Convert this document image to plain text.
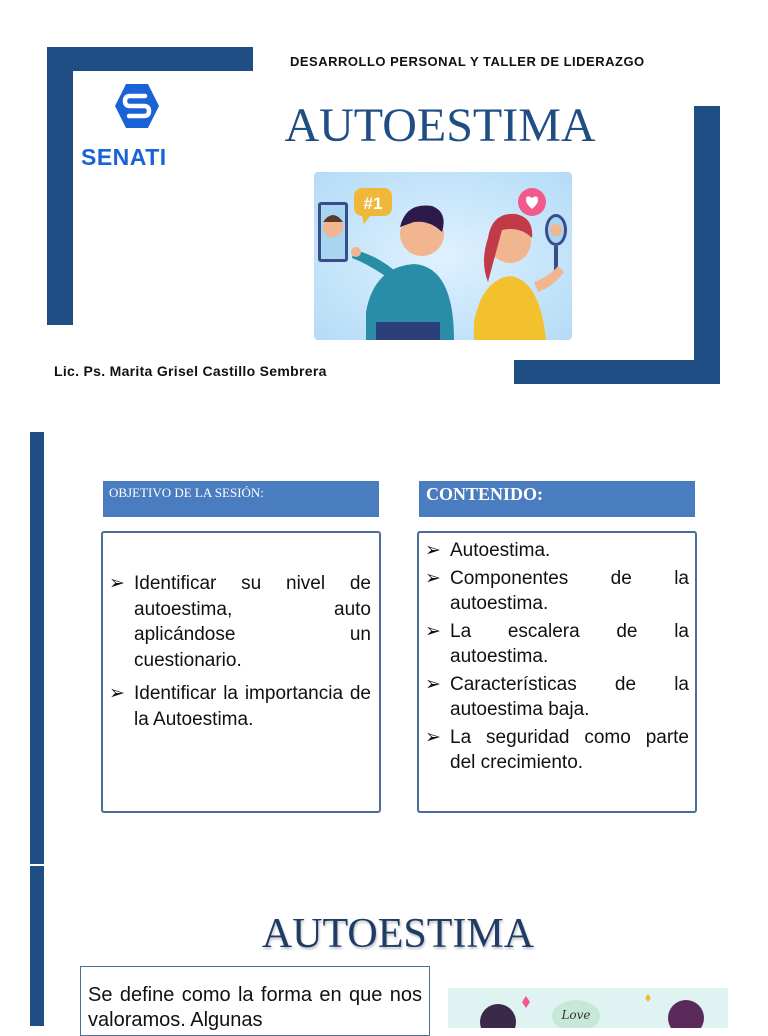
DESARROLLO PERSONAL Y TALLER DE LIDERAZGO
SENATI
AUTOESTIMA
#1
Lic. Ps. Marita Grisel Castillo Sembrera
OBJETIVO DE LA SESIÓN:	CONTENIDO:
➢ Identificar su nivel de autoestima, auto aplicándose un cuestionario.
➢ Identificar la importancia de la Autoestima.
➢ Autoestima.
➢ Componentes de la autoestima.
➢ La escalera de la autoestima.
➢ Características de la autoestima baja.
➢ La seguridad como parte del crecimiento.
AUTOESTIMA
Se define como la forma en que nos valoramos. Algunas	Love
